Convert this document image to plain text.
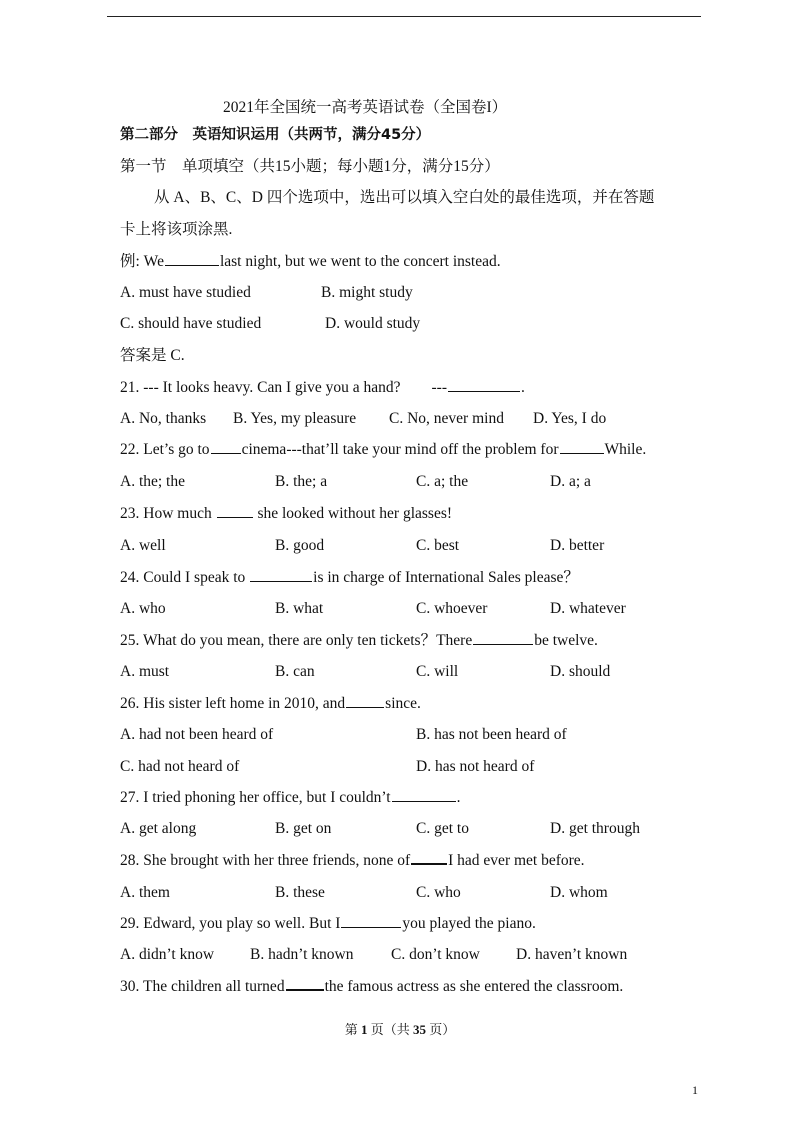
2021年全国统一高考英语试卷（全国卷I）
第二部分　英语知识运用（共两节，满分45分）
第一节　单项填空（共15小题；每小题1分，满分15分）
从 A、B、C、D 四个选项中，选出可以填入空白处的最佳选项，并在答题
卡上将该项涂黑.
例: We	last night, but we went to the concert instead.
A. must have studied	B. might study
C. should have studied	D. would study
答案是 C.
21. --- It looks heavy. Can I give you a hand?　　---	.
A. No, thanks B. Yes, my pleasure C. No, never mind D. Yes, I do
22. Let’s go to cinema---that’ll take your mind off the problem for	While.
A. the; the	B. the; a	C. a; the	D. a; a
23. How much  she looked without her glasses!
A. well	B. good	C. best	D. better
24. Could I speak to	is in charge of International Sales please？
A. who	B. what	C. whoever	D. whatever
25. What do you mean, there are only ten tickets？There	be twelve.
A. must	B. can	C. will	D. should
26. His sister left home in 2010, and	since.
A. had not been heard of	B. has not been heard of
C. had not heard of	D. has not heard of
27. I tried phoning her office, but I couldn’t	.
A. get along	B. get on	C. get to	D. get through
28. She brought with her three friends, none of I had ever met before.
A. them	B. these	C. who	D. whom
29. Edward, you play so well. But I	you played the piano.
A. didn’t know B. hadn’t known C. don’t know D. haven’t known
30. The children all turned	the famous actress as she entered the classroom.
第 1 页（共 35 页）
1
